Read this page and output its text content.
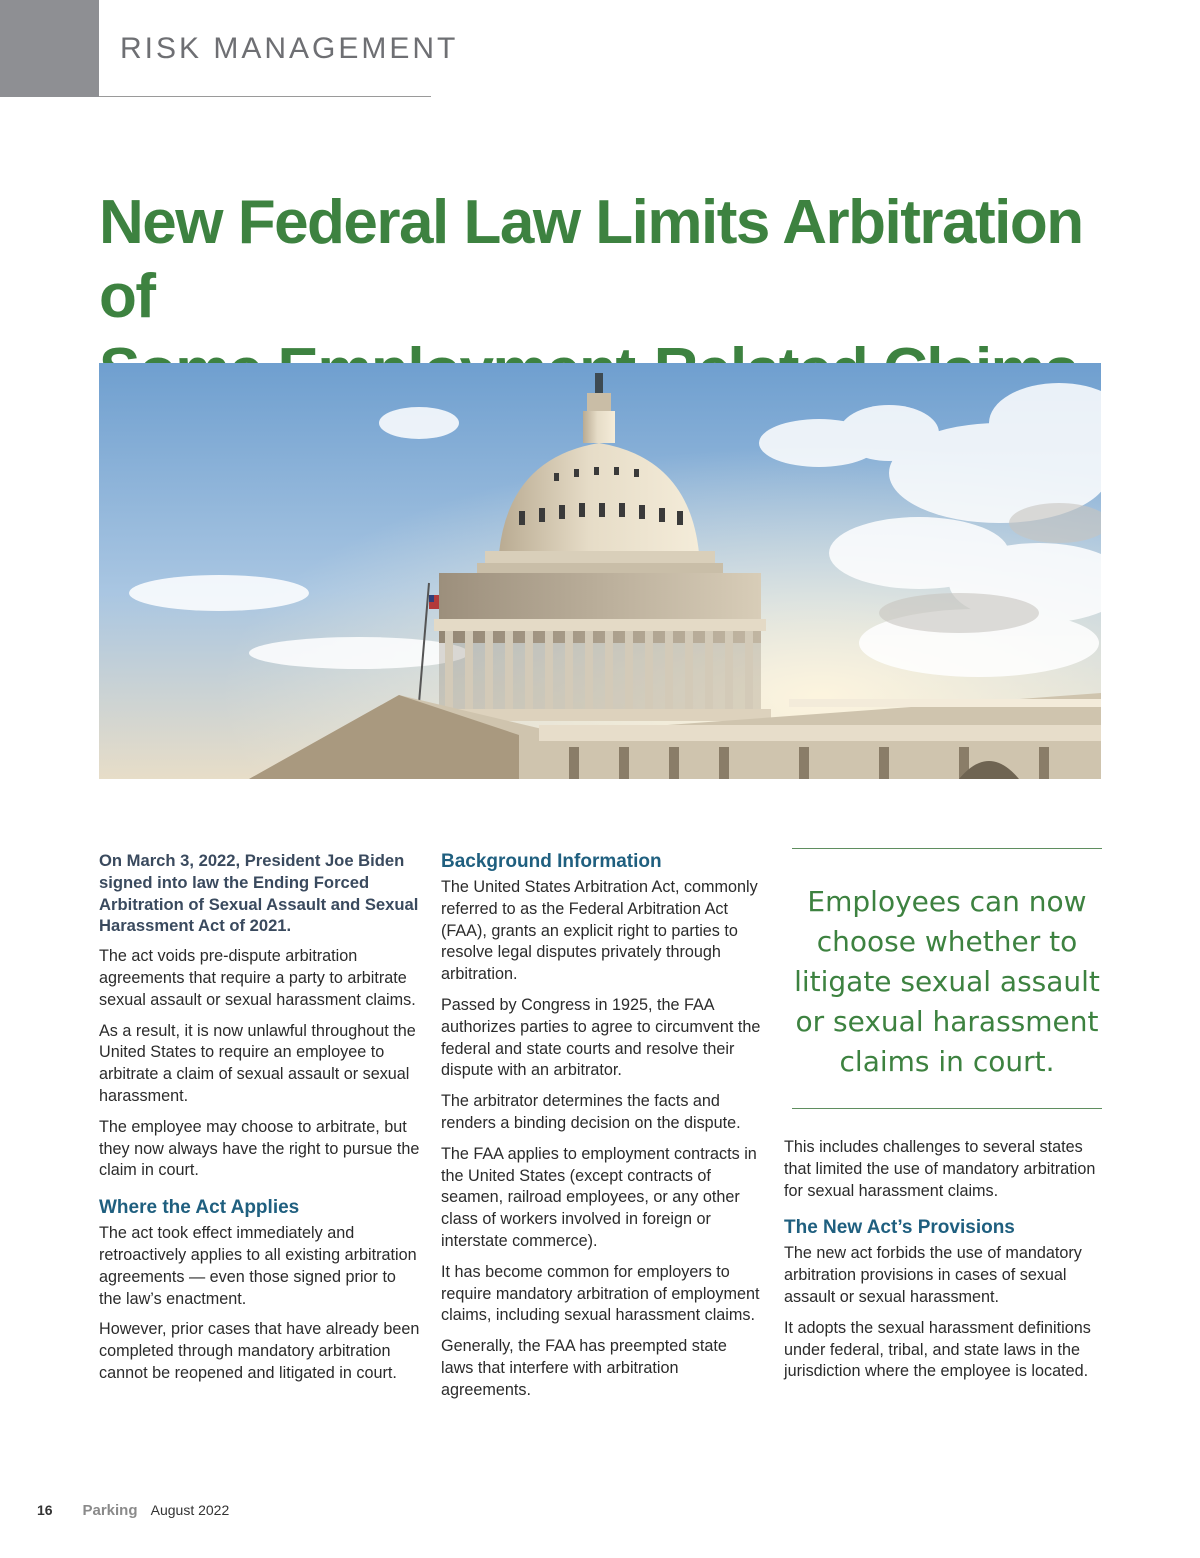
RISK MANAGEMENT
New Federal Law Limits Arbitration of

On March 3, 2022, President Joe Biden signed into law the Ending Forced Arbitration of Sexual Assault and Sexual Harassment Act of 2021.

The act voids pre-dispute arbitration agreements that require a party to arbitrate sexual assault or sexual harassment claims.

As a result, it is now unlawful throughout the United States to require an employee to arbitrate a claim of sexual assault or sexual harassment.

The employee may choose to arbitrate, but they now always have the right to pursue the claim in court.

Where the Act Applies

The act took effect immediately and retroactively applies to all existing arbitration agreements — even those signed prior to the law’s enactment.

However, prior cases that have already been completed through mandatory arbitration cannot be reopened and litigated in court.

Background Information

The United States Arbitration Act, commonly referred to as the Federal Arbitration Act (FAA), grants an explicit right to parties to resolve legal disputes privately through arbitration.

Passed by Congress in 1925, the FAA authorizes parties to agree to circumvent the federal and state courts and resolve their dispute with an arbitrator.

The arbitrator determines the facts and renders a binding decision on the dispute.

The FAA applies to employment contracts in the United States (except contracts of seamen, railroad employees, or any other class of workers involved in foreign or interstate commerce).

It has become common for employers to require mandatory arbitration of employment claims, including sexual harassment claims.

Generally, the FAA has preempted state laws that interfere with arbitration agreements.

Employees can now choose whether to litigate sexual assault or sexual harassment claims in court.

This includes challenges to several states that limited the use of mandatory arbitration for sexual harassment claims.

The New Act’s Provisions

The new act forbids the use of mandatory arbitration provisions in cases of sexual assault or sexual harassment.

It adopts the sexual harassment definitions under federal, tribal, and state laws in the jurisdiction where the employee is located.

16 Parking August 2022
